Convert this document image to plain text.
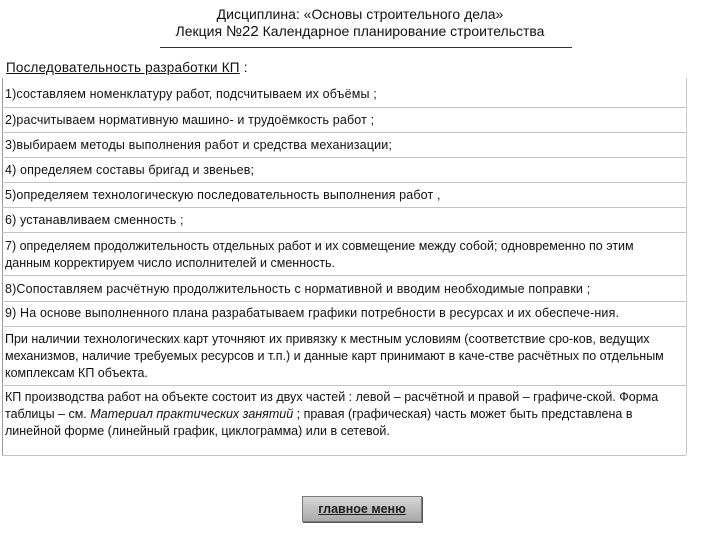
Дисциплина: «Основы строительного дела»
Лекция №22 Календарное планирование строительства
Последовательность разработки КП :
1)составляем номенклатуру работ, подсчитываем их объёмы ;
2)расчитываем нормативную машино- и трудоёмкость работ ;
3)выбираем методы выполнения работ и средства механизации;
4) определяем составы бригад и звеньев;
5)определяем технологическую последовательность выполнения работ ,
6) устанавливаем сменность ;
7) определяем продолжительность отдельных работ и их совмещение между собой; одновременно по этим данным корректируем число исполнителей и сменность.
8)Сопоставляем расчётную продолжительность с нормативной и вводим необходимые поправки ;
9) На основе выполненного плана разрабатываем графики потребности в ресурсах и их обеспече-ния.
При наличии технологических карт уточняют их привязку к местным условиям (соответствие сро-ков, ведущих механизмов, наличие требуемых ресурсов и т.п.) и данные карт принимают в каче-стве расчётных по отдельным комплексам КП объекта.
КП производства работ на объекте состоит из двух частей : левой – расчётной и правой – графиче-ской. Форма таблицы – см. Материал практических занятий ; правая (графическая) часть может быть представлена в линейной форме (линейный график, циклограмма) или в сетевой.
главное меню
